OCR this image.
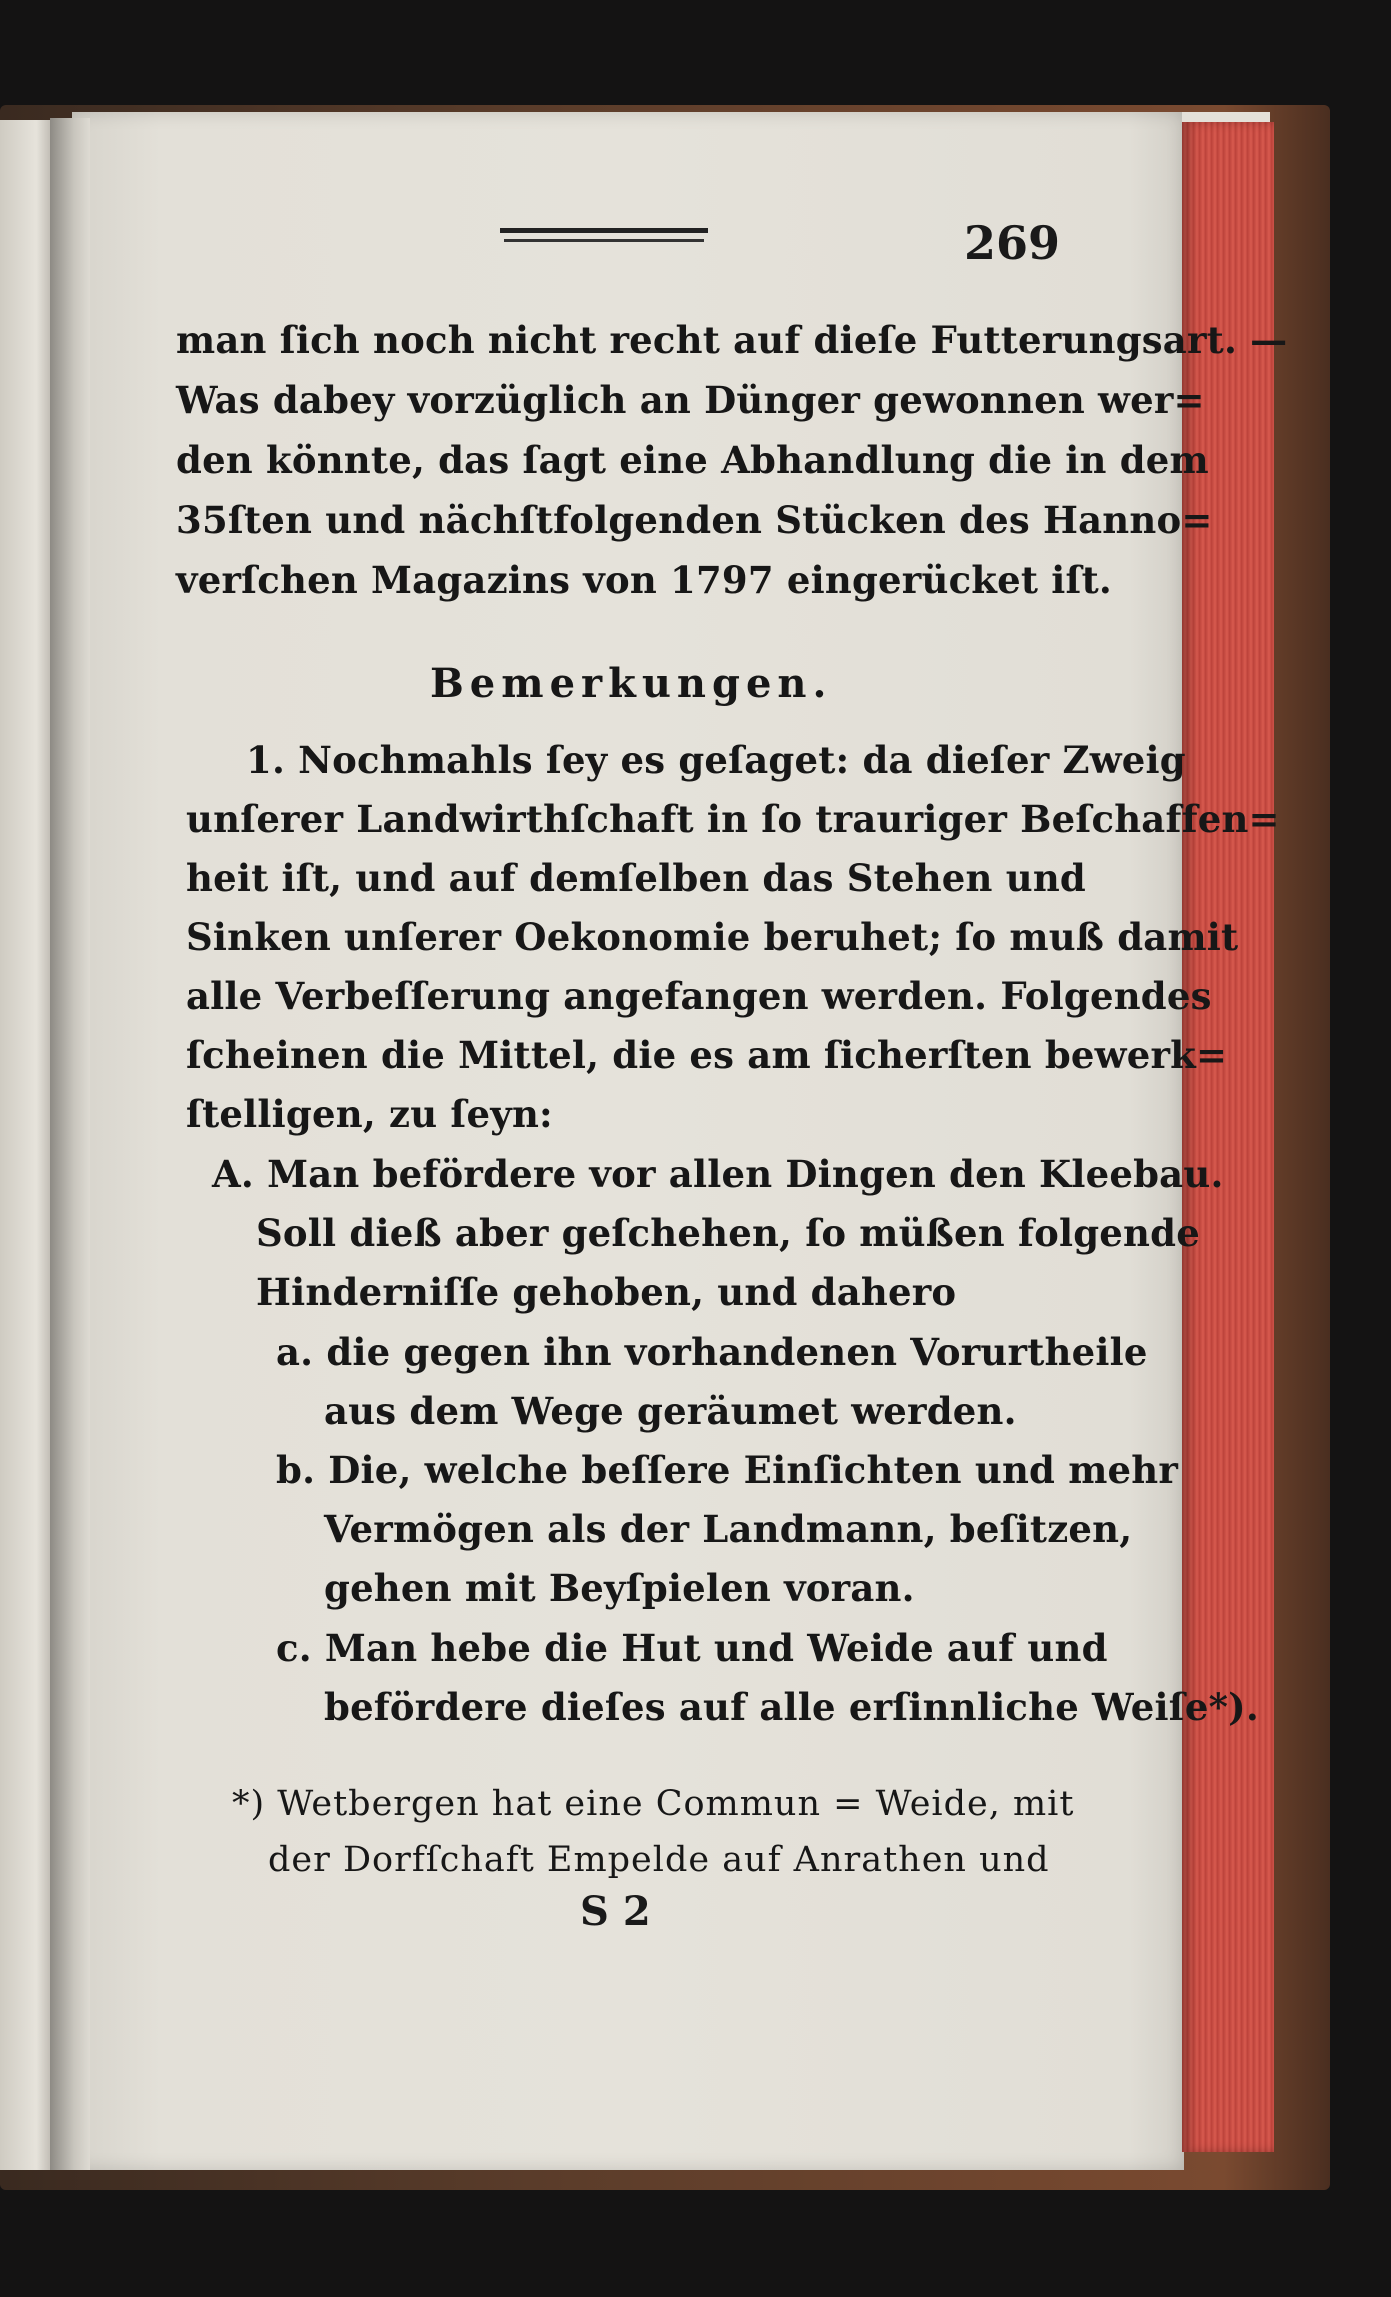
269
man ſich noch nicht recht auf dieſe Futterungsart. —
Was dabey vorzüglich an Dünger gewonnen wer=
den könnte, das ſagt eine Abhandlung die in dem
35ſten und nächſtfolgenden Stücken des Hanno=
verſchen Magazins von 1797 eingerücket iſt.
Bemerkungen.
1. Nochmahls ſey es geſaget: da dieſer Zweig
unſerer Landwirthſchaft in ſo trauriger Beſchaffen=
heit iſt, und auf demſelben das Stehen und
Sinken unſerer Oekonomie beruhet; ſo muß damit
alle Verbeſſerung angefangen werden. Folgendes
ſcheinen die Mittel, die es am ſicherſten bewerk=
ſtelligen, zu ſeyn:
A. Man befördere vor allen Dingen den Kleebau.
Soll dieß aber geſchehen, ſo müßen folgende
Hinderniſſe gehoben, und dahero
a. die gegen ihn vorhandenen Vorurtheile
aus dem Wege geräumet werden.
b. Die, welche beſſere Einſichten und mehr
Vermögen als der Landmann, beſitzen,
gehen mit Beyſpielen voran.
c. Man hebe die Hut und Weide auf und
befördere dieſes auf alle erſinnliche Weiſe*).
*) Wetbergen hat eine Commun = Weide, mit
der Dorfſchaft Empelde auf Anrathen und
S 2
